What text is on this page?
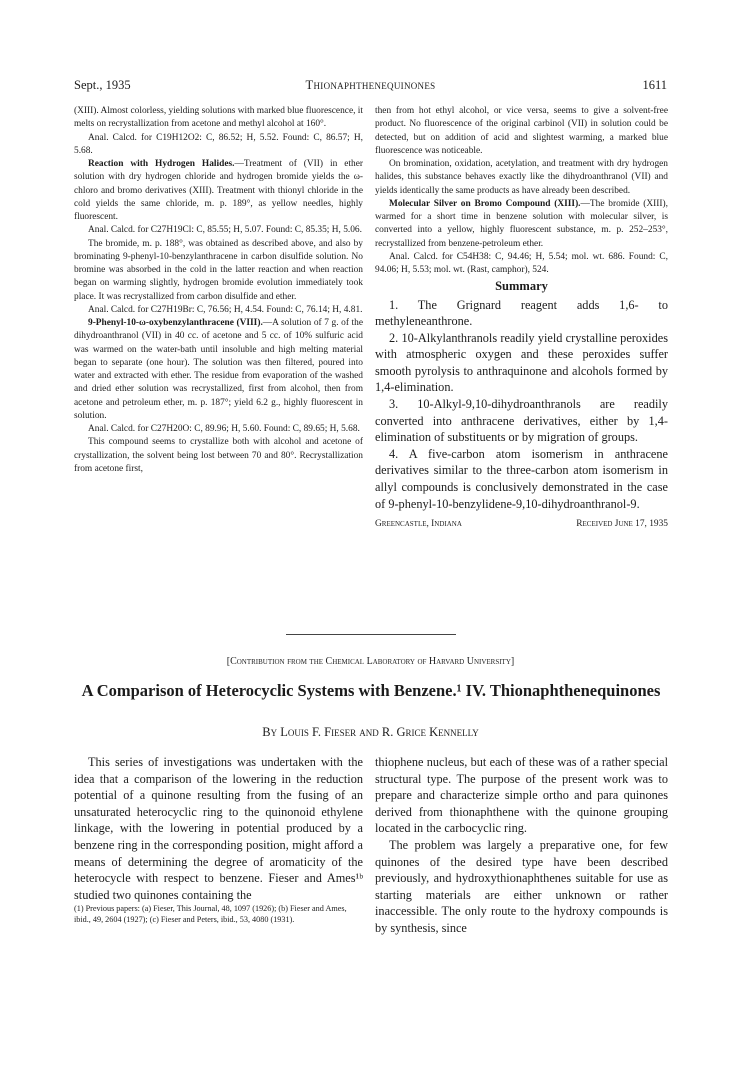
Sept., 1935	Thionaphthenequinones	1611

(XIII). Almost colorless, yielding solutions with marked blue fluorescence, it melts on recrystallization from acetone and methyl alcohol at 160°.

Anal. Calcd. for C19H12O2: C, 86.52; H, 5.52. Found: C, 86.57; H, 5.68.

Reaction with Hydrogen Halides.—Treatment of (VII) in ether solution with dry hydrogen chloride and hydrogen bromide yields the ω-chloro and bromo derivatives (XIII). Treatment with thionyl chloride in the cold yields the same chloride, m. p. 189°, as yellow needles, highly fluorescent.

Anal. Calcd. for C27H19Cl: C, 85.55; H, 5.07. Found: C, 85.35; H, 5.06.

The bromide, m. p. 188°, was obtained as described above, and also by brominating 9-phenyl-10-benzylanthracene in carbon disulfide solution. No bromine was absorbed in the cold in the latter reaction and when reaction began on warming slightly, hydrogen bromide evolution immediately took place. It was recrystallized from carbon disulfide and ether.

Anal. Calcd. for C27H19Br: C, 76.56; H, 4.54. Found: C, 76.14; H, 4.81.

9-Phenyl-10-ω-oxybenzylanthracene (VIII).—A solution of 7 g. of the dihydroanthranol (VII) in 40 cc. of acetone and 5 cc. of 10% sulfuric acid was warmed on the water-bath until insoluble and high melting material began to separate (one hour). The solution was then filtered, poured into water and extracted with ether. The residue from evaporation of the washed and dried ether solution was recrystallized, first from alcohol, then from acetone and petroleum ether, m. p. 187°; yield 6.2 g., highly fluorescent in solution.

Anal. Calcd. for C27H20O: C, 89.96; H, 5.60. Found: C, 89.65; H, 5.68.

This compound seems to crystallize both with alcohol and acetone of crystallization, the solvent being lost between 70 and 80°. Recrystallization from acetone first,

then from hot ethyl alcohol, or vice versa, seems to give a solvent-free product. No fluorescence of the original carbinol (VII) in solution could be detected, but on addition of acid and slightest warming, a marked blue fluorescence was noticeable.

On bromination, oxidation, acetylation, and treatment with dry hydrogen halides, this substance behaves exactly like the dihydroanthranol (VII) and yields identically the same products as have already been described.

Molecular Silver on Bromo Compound (XIII).—The bromide (XIII), warmed for a short time in benzene solution with molecular silver, is converted into a yellow, highly fluorescent substance, m. p. 252–253°, recrystallized from benzene-petroleum ether.

Anal. Calcd. for C54H38: C, 94.46; H, 5.54; mol. wt. 686. Found: C, 94.06; H, 5.53; mol. wt. (Rast, camphor), 524.

Summary

1. The Grignard reagent adds 1,6- to methyleneanthrone.

2. 10-Alkylanthranols readily yield crystalline peroxides with atmospheric oxygen and these peroxides suffer smooth pyrolysis to anthraquinone and alcohols formed by 1,4-elimination.

3. 10-Alkyl-9,10-dihydroanthranols are readily converted into anthracene derivatives, either by 1,4-elimination of substituents or by migration of groups.

4. A five-carbon atom isomerism in anthracene derivatives similar to the three-carbon atom isomerism in allyl compounds is conclusively demonstrated in the case of 9-phenyl-10-benzylidene-9,10-dihydroanthranol-9.

Greencastle, Indiana	Received June 17, 1935
[Contribution from the Chemical Laboratory of Harvard University]
A Comparison of Heterocyclic Systems with Benzene.¹ IV. Thionaphthenequinones
By Louis F. Fieser and R. Grice Kennelly

This series of investigations was undertaken with the idea that a comparison of the lowering in the reduction potential of a quinone resulting from the fusing of an unsaturated heterocyclic ring to the quinonoid ethylene linkage, with the lowering in potential produced by a benzene ring in the corresponding position, might afford a means of determining the degree of aromaticity of the heterocycle with respect to benzene. Fieser and Ames¹ᵇ studied two quinones containing the

(1) Previous papers: (a) Fieser, This Journal, 48, 1097 (1926); (b) Fieser and Ames, ibid., 49, 2604 (1927); (c) Fieser and Peters, ibid., 53, 4080 (1931).

thiophene nucleus, but each of these was of a rather special structural type. The purpose of the present work was to prepare and characterize simple ortho and para quinones derived from thionaphthene with the quinone grouping located in the carbocyclic ring.

The problem was largely a preparative one, for few quinones of the desired type have been described previously, and hydroxythionaphthenes suitable for use as starting materials are either unknown or rather inaccessible. The only route to the hydroxy compounds is by synthesis, since
